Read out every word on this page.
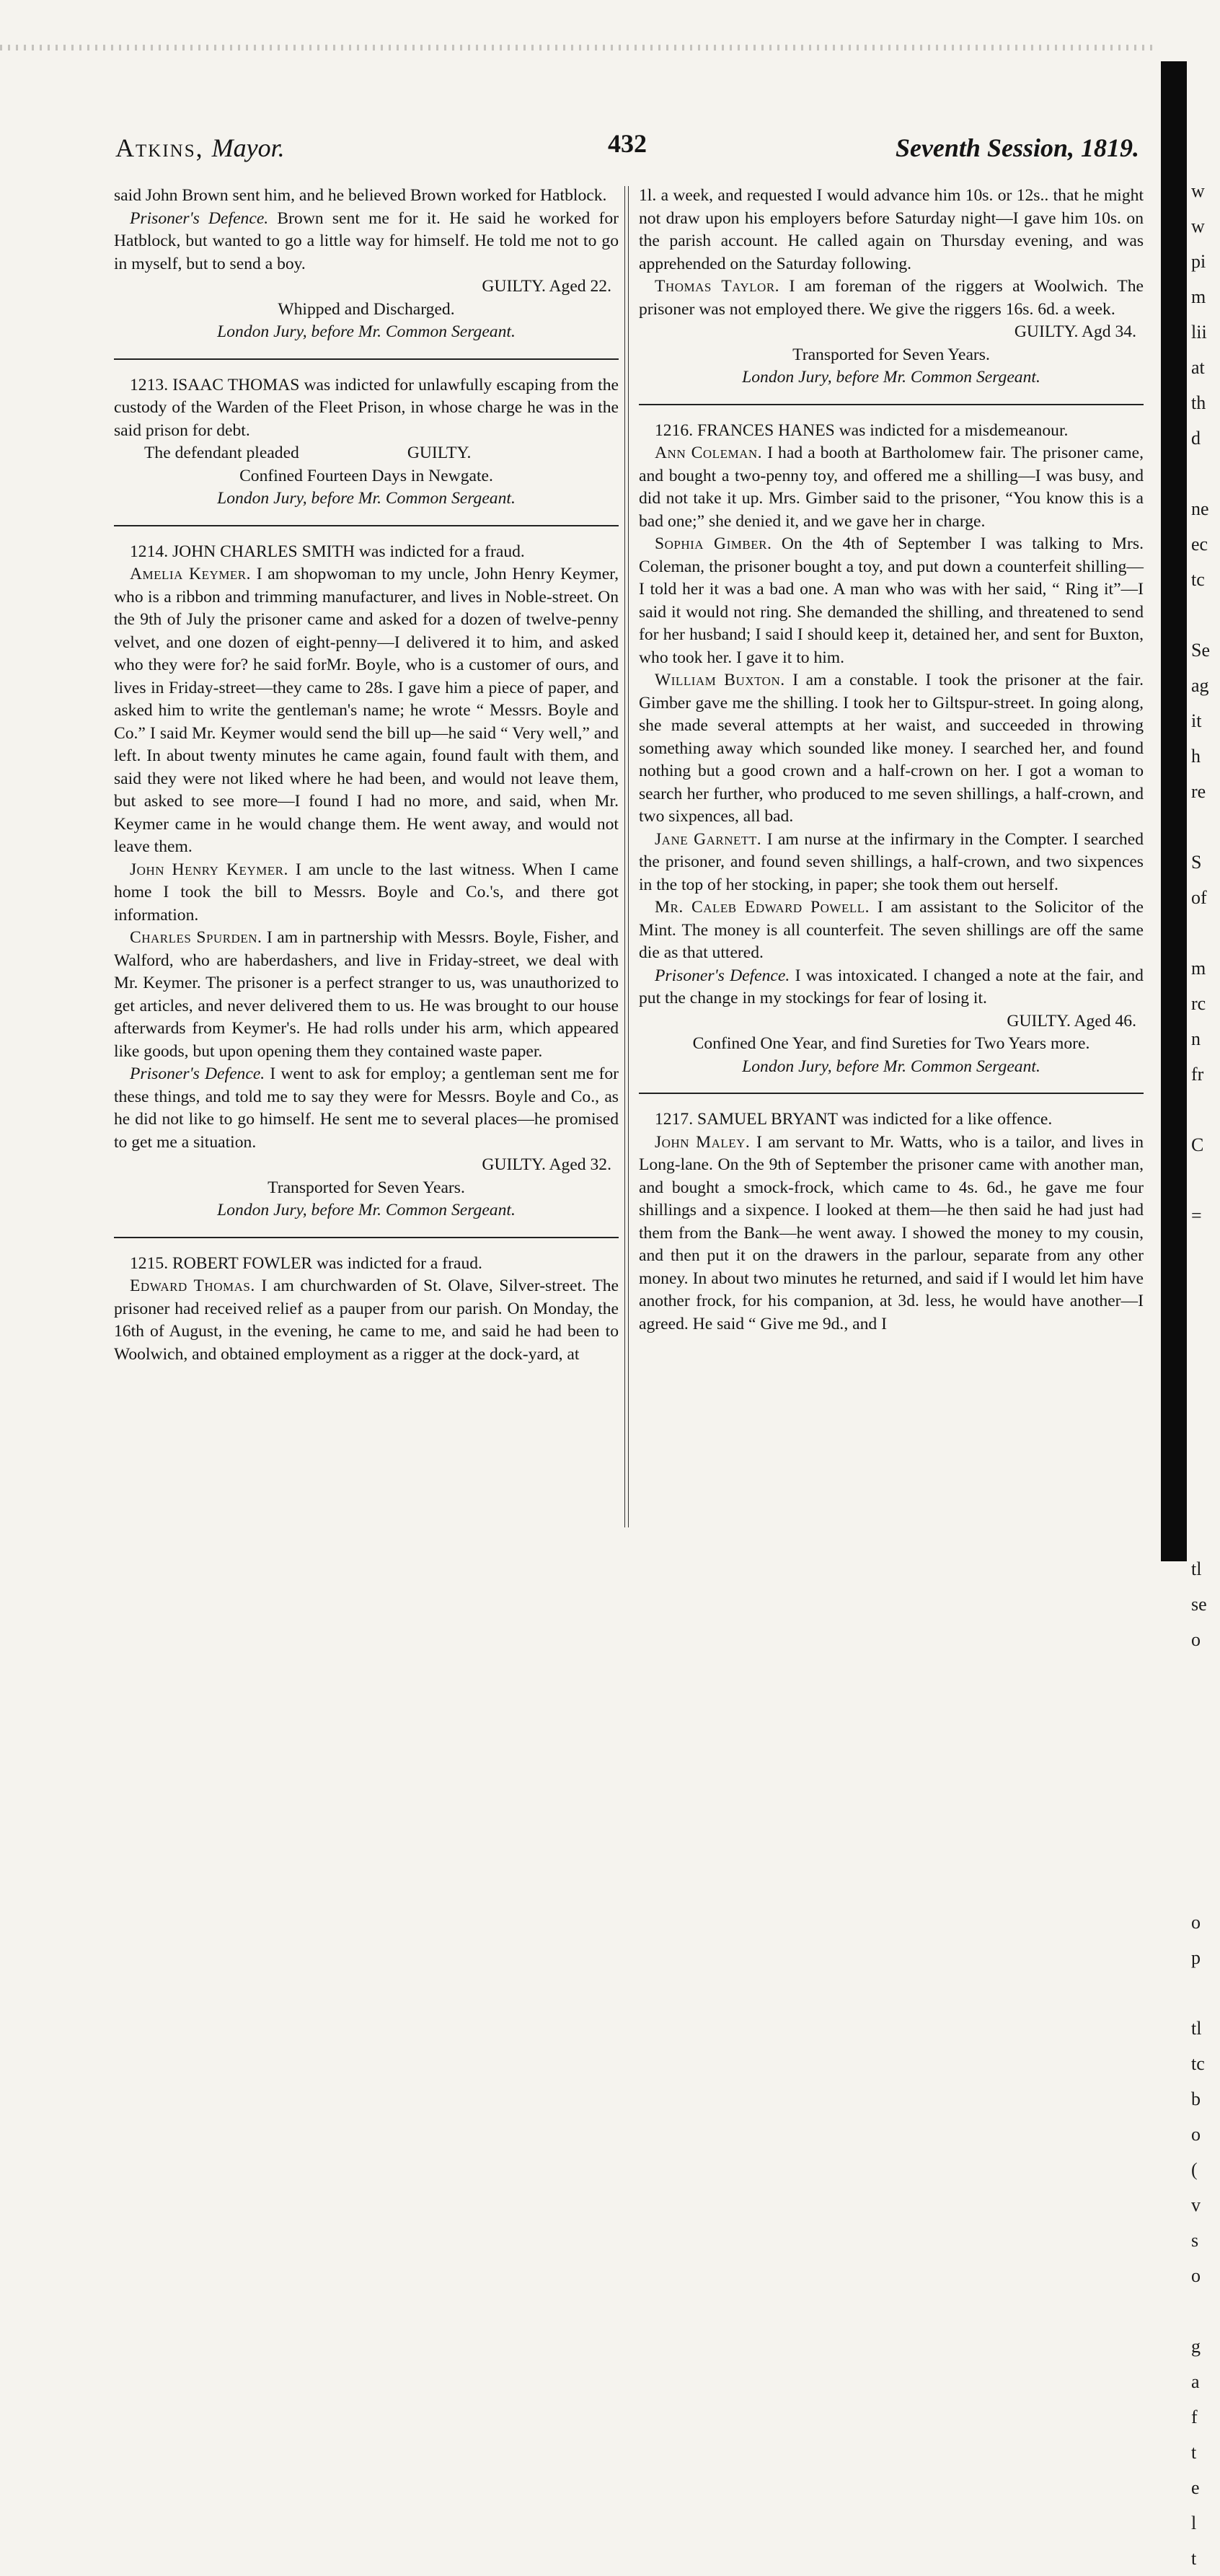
Atkins, Mayor.	432	Seventh Session, 1819.

said John Brown sent him, and he believed Brown worked for Hatblock.

Prisoner's Defence. Brown sent me for it. He said he worked for Hatblock, but wanted to go a little way for himself. He told me not to go in myself, but to send a boy.

GUILTY. Aged 22.

Whipped and Discharged.

London Jury, before Mr. Common Sergeant.

1213. ISAAC THOMAS was indicted for unlawfully escaping from the custody of the Warden of the Fleet Prison, in whose charge he was in the said prison for debt.

The defendant pleaded	GUILTY.

Confined Fourteen Days in Newgate.

London Jury, before Mr. Common Sergeant.

1214. JOHN CHARLES SMITH was indicted for a fraud.

Amelia Keymer. I am shopwoman to my uncle, John Henry Keymer, who is a ribbon and trimming manufacturer, and lives in Noble-street. On the 9th of July the prisoner came and asked for a dozen of twelve-penny velvet, and one dozen of eight-penny—I delivered it to him, and asked who they were for? he said forMr. Boyle, who is a customer of ours, and lives in Friday-street—they came to 28s. I gave him a piece of paper, and asked him to write the gentleman's name; he wrote “ Messrs. Boyle and Co.” I said Mr. Keymer would send the bill up—he said “ Very well,” and left. In about twenty minutes he came again, found fault with them, and said they were not liked where he had been, and would not leave them, but asked to see more—I found I had no more, and said, when Mr. Keymer came in he would change them. He went away, and would not leave them.

John Henry Keymer. I am uncle to the last witness. When I came home I took the bill to Messrs. Boyle and Co.'s, and there got information.

Charles Spurden. I am in partnership with Messrs. Boyle, Fisher, and Walford, who are haberdashers, and live in Friday-street, we deal with Mr. Keymer. The prisoner is a perfect stranger to us, was unauthorized to get articles, and never delivered them to us. He was brought to our house afterwards from Keymer's. He had rolls under his arm, which appeared like goods, but upon opening them they contained waste paper.

Prisoner's Defence. I went to ask for employ; a gentleman sent me for these things, and told me to say they were for Messrs. Boyle and Co., as he did not like to go himself. He sent me to several places—he promised to get me a situation.

GUILTY. Aged 32.

Transported for Seven Years.

London Jury, before Mr. Common Sergeant.

1215. ROBERT FOWLER was indicted for a fraud.

Edward Thomas. I am churchwarden of St. Olave, Silver-street. The prisoner had received relief as a pauper from our parish. On Monday, the 16th of August, in the evening, he came to me, and said he had been to Woolwich, and obtained employment as a rigger at the dock-yard, at

1l. a week, and requested I would advance him 10s. or 12s.. that he might not draw upon his employers before Saturday night—I gave him 10s. on the parish account. He called again on Thursday evening, and was apprehended on the Saturday following.

Thomas Taylor. I am foreman of the riggers at Woolwich. The prisoner was not employed there. We give the riggers 16s. 6d. a week.

GUILTY. Agd 34.

Transported for Seven Years.

London Jury, before Mr. Common Sergeant.

1216. FRANCES HANES was indicted for a misdemeanour.

Ann Coleman. I had a booth at Bartholomew fair. The prisoner came, and bought a two-penny toy, and offered me a shilling—I was busy, and did not take it up. Mrs. Gimber said to the prisoner, “You know this is a bad one;” she denied it, and we gave her in charge.

Sophia Gimber. On the 4th of September I was talking to Mrs. Coleman, the prisoner bought a toy, and put down a counterfeit shilling—I told her it was a bad one. A man who was with her said, “ Ring it”—I said it would not ring. She demanded the shilling, and threatened to send for her husband; I said I should keep it, detained her, and sent for Buxton, who took her. I gave it to him.

William Buxton. I am a constable. I took the prisoner at the fair. Gimber gave me the shilling. I took her to Giltspur-street. In going along, she made several attempts at her waist, and succeeded in throwing something away which sounded like money. I searched her, and found nothing but a good crown and a half-crown on her. I got a woman to search her further, who produced to me seven shillings, a half-crown, and two sixpences, all bad.

Jane Garnett. I am nurse at the infirmary in the Compter. I searched the prisoner, and found seven shillings, a half-crown, and two sixpences in the top of her stocking, in paper; she took them out herself.

Mr. Caleb Edward Powell. I am assistant to the Solicitor of the Mint. The money is all counterfeit. The seven shillings are off the same die as that uttered.

Prisoner's Defence. I was intoxicated. I changed a note at the fair, and put the change in my stockings for fear of losing it.

GUILTY. Aged 46.

Confined One Year, and find Sureties for Two Years more.

London Jury, before Mr. Common Sergeant.

1217. SAMUEL BRYANT was indicted for a like offence.

John Maley. I am servant to Mr. Watts, who is a tailor, and lives in Long-lane. On the 9th of September the prisoner came with another man, and bought a smock-frock, which came to 4s. 6d., he gave me four shillings and a sixpence. I looked at them—he then said he had just had them from the Bank—he went away. I showed the money to my cousin, and then put it on the drawers in the parlour, separate from any other money. In about two minutes he returned, and said if I would let him have another frock, for his companion, at 3d. less, he would have another—I agreed. He said “ Give me 9d., and I

w
w
pi
m
lii
at
th
d

ne
ec
tc

Se
ag
it
h
re

S
of

m
rc
n
fr

C

=

tl
se
o

o
p

tl
tc
b
o
(
v
s
o

g
a
f
t
e
l
t
